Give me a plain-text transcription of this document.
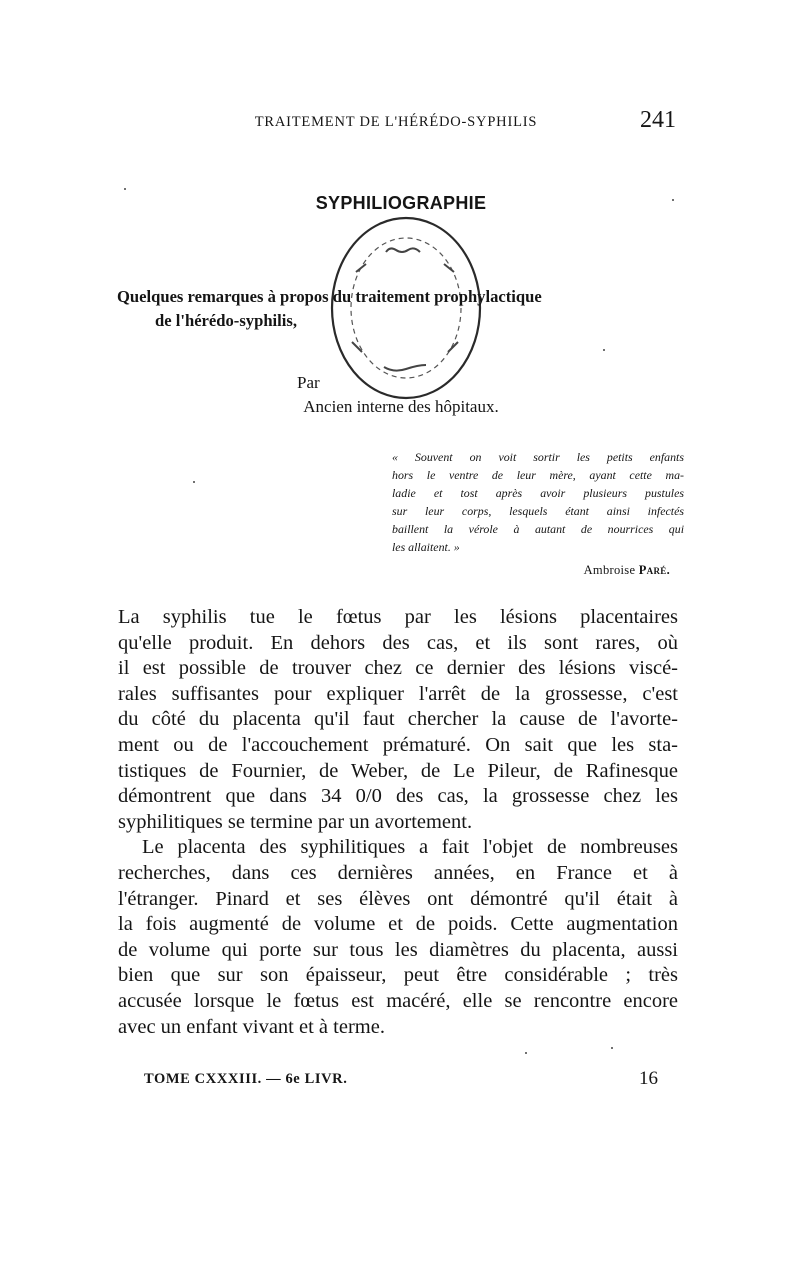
TRAITEMENT DE L'HÉRÉDO-SYPHILIS	241
SYPHILIOGRAPHIE
Quelques remarques à propos du traitement prophylactique
de l'hérédo-syphilis,
Par
Ancien interne des hôpitaux.
« Souvent on voit sortir les petits enfants
hors le ventre de leur mère, ayant cette ma-
ladie et tost après avoir plusieurs pustules
sur leur corps, lesquels étant ainsi infectés
baillent la vérole à autant de nourrices qui
les allaitent. »
Ambroise Paré.
La syphilis tue le fœtus par les lésions placentaires
qu'elle produit. En dehors des cas, et ils sont rares, où
il est possible de trouver chez ce dernier des lésions viscé-
rales suffisantes pour expliquer l'arrêt de la grossesse, c'est
du côté du placenta qu'il faut chercher la cause de l'avorte-
ment ou de l'accouchement prématuré. On sait que les sta-
tistiques de Fournier, de Weber, de Le Pileur, de Rafinesque
démontrent que dans 34 0/0 des cas, la grossesse chez les
syphilitiques se termine par un avortement.
Le placenta des syphilitiques a fait l'objet de nombreuses
recherches, dans ces dernières années, en France et à
l'étranger. Pinard et ses élèves ont démontré qu'il était à
la fois augmenté de volume et de poids. Cette augmentation
de volume qui porte sur tous les diamètres du placenta, aussi
bien que sur son épaisseur, peut être considérable ; très
accusée lorsque le fœtus est macéré, elle se rencontre encore
avec un enfant vivant et à terme.
TOME CXXXIII. — 6e LIVR.	16
